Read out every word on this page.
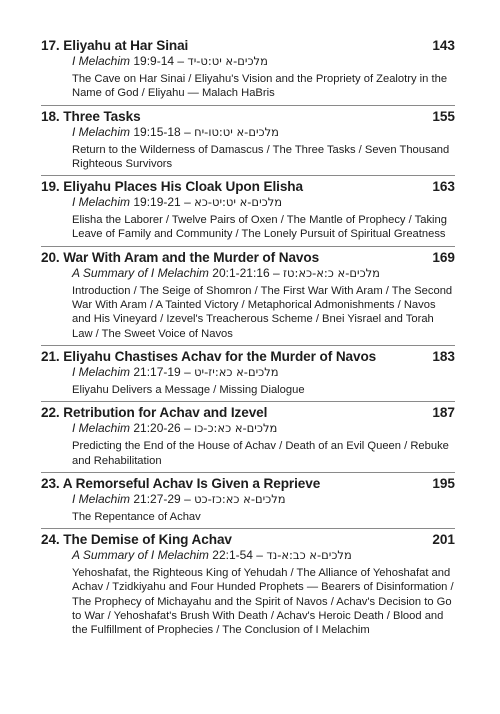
17. Eliyahu at Har Sinai	143
I Melachim 19:9-14 – מלכים-א יט:ט-יד
The Cave on Har Sinai / Eliyahu's Vision and the Propriety of Zealotry in the Name of God / Eliyahu — Malach HaBris
18. Three Tasks	155
I Melachim 19:15-18 – מלכים-א יט:טו-יח
Return to the Wilderness of Damascus / The Three Tasks / Seven Thousand Righteous Survivors
19. Eliyahu Places His Cloak Upon Elisha	163
I Melachim 19:19-21 – מלכים-א יט:יט-כא
Elisha the Laborer / Twelve Pairs of Oxen / The Mantle of Prophecy / Taking Leave of Family and Community / The Lonely Pursuit of Spiritual Greatness
20. War With Aram and the Murder of Navos	169
A Summary of I Melachim 20:1-21:16 – מלכים-א כ:א-כא:טז
Introduction / The Seige of Shomron / The First War With Aram / The Second War With Aram / A Tainted Victory / Metaphorical Admonishments / Navos and His Vineyard / Izevel's Treacherous Scheme / Bnei Yisrael and Torah Law / The Sweet Voice of Navos
21. Eliyahu Chastises Achav for the Murder of Navos	183
I Melachim 21:17-19 – מלכים-א כא:יז-יט
Eliyahu Delivers a Message / Missing Dialogue
22. Retribution for Achav and Izevel	187
I Melachim 21:20-26 – מלכים-א כא:כ-כו
Predicting the End of the House of Achav / Death of an Evil Queen / Rebuke and Rehabilitation
23. A Remorseful Achav Is Given a Reprieve	195
I Melachim 21:27-29 – מלכים-א כא:כז-כט
The Repentance of Achav
24. The Demise of King Achav	201
A Summary of I Melachim 22:1-54 – מלכים-א כב:א-נד
Yehoshafat, the Righteous King of Yehudah / The Alliance of Yehoshafat and Achav / Tzidkiyahu and Four Hunded Prophets — Bearers of Disinformation / The Prophecy of Michayahu and the Spirit of Navos / Achav's Decision to Go to War / Yehoshafat's Brush With Death / Achav's Heroic Death / Blood and the Fulfillment of Prophecies / The Conclusion of I Melachim
